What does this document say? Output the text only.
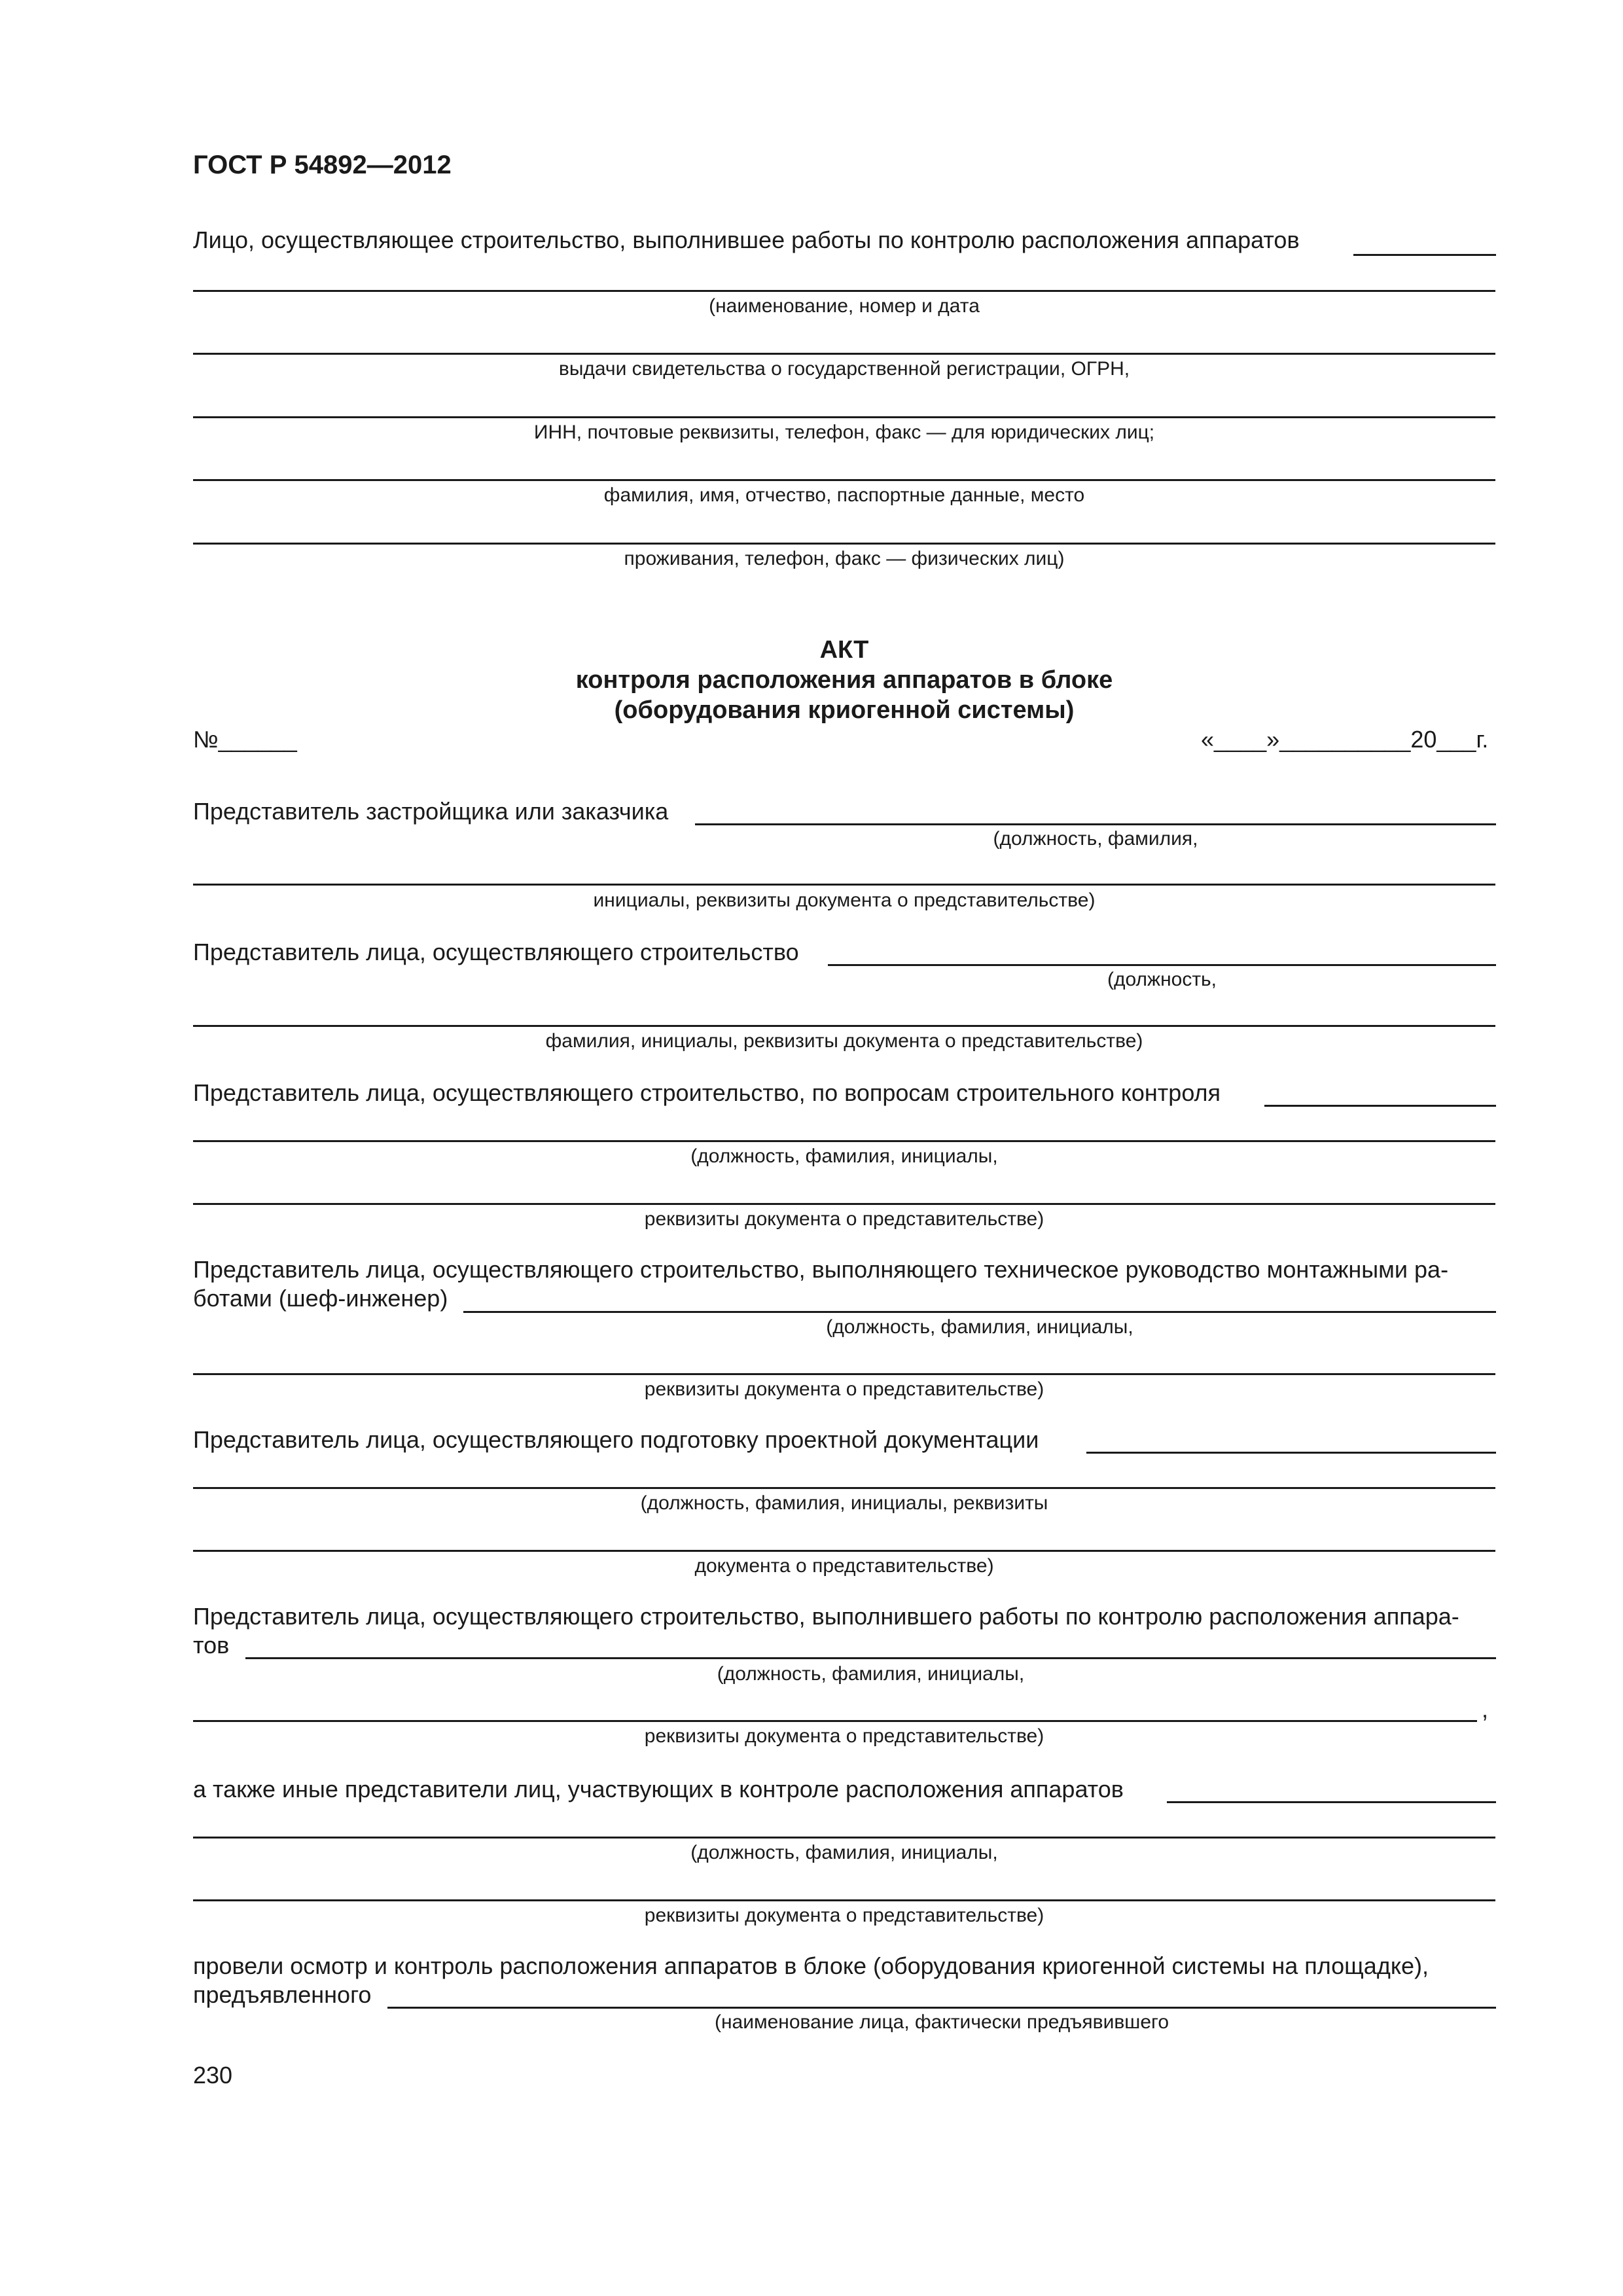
ГОСТ Р 54892—2012
Лицо, осуществляющее строительство, выполнившее работы по контролю расположения аппаратов
(наименование, номер и дата
выдачи свидетельства о государственной регистрации, ОГРН,
ИНН, почтовые реквизиты, телефон, факс — для юридических лиц;
фамилия, имя, отчество, паспортные данные, место
проживания, телефон, факс — физических лиц)
АКТ
контроля расположения аппаратов в блоке
(оборудования криогенной системы)
№______	«____»__________20___г.
Представитель застройщика или заказчика
(должность, фамилия,
инициалы, реквизиты документа о представительстве)
Представитель лица, осуществляющего строительство
(должность,
фамилия, инициалы, реквизиты документа о представительстве)
Представитель лица, осуществляющего строительство, по вопросам строительного контроля
(должность, фамилия, инициалы,
реквизиты документа о представительстве)
Представитель лица, осуществляющего строительство, выполняющего техническое руководство монтажными ра-
ботами (шеф-инженер)
(должность, фамилия, инициалы,
реквизиты документа о представительстве)
Представитель лица, осуществляющего подготовку проектной документации
(должность, фамилия, инициалы, реквизиты
документа о представительстве)
Представитель лица, осуществляющего строительство, выполнившего работы по контролю расположения аппара-
тов
(должность, фамилия, инициалы,
,
реквизиты документа о представительстве)
а также иные представители лиц, участвующих в контроле расположения аппаратов
(должность, фамилия, инициалы,
реквизиты документа о представительстве)
провели осмотр и контроль расположения аппаратов в блоке (оборудования криогенной системы на площадке),
предъявленного
(наименование лица, фактически предъявившего
230
